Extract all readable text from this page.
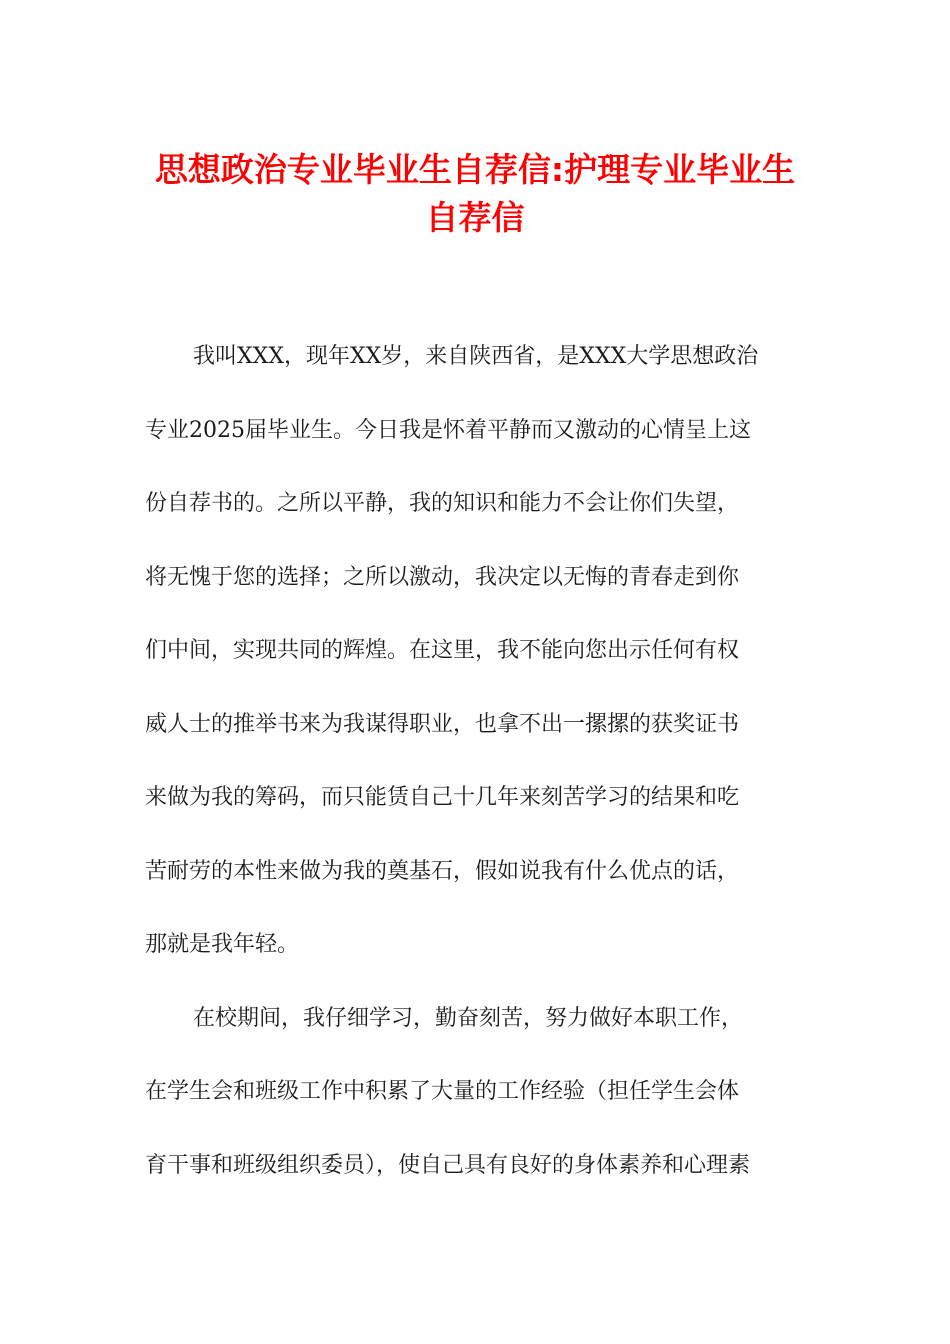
思想政治专业毕业生自荐信:护理专业毕业生
自荐信
我叫XXX，现年XX岁，来自陕西省，是XXX大学思想政治
专业2025届毕业生。今日我是怀着平静而又激动的心情呈上这
份自荐书的。之所以平静，我的知识和能力不会让你们失望，
将无愧于您的选择；之所以激动，我决定以无悔的青春走到你
们中间，实现共同的辉煌。在这里，我不能向您出示任何有权
威人士的推举书来为我谋得职业，也拿不出一摞摞的获奖证书
来做为我的筹码，而只能赁自己十几年来刻苦学习的结果和吃
苦耐劳的本性来做为我的奠基石，假如说我有什么优点的话，
那就是我年轻。
在校期间，我仔细学习，勤奋刻苦，努力做好本职工作，
在学生会和班级工作中积累了大量的工作经验（担任学生会体
育干事和班级组织委员），使自己具有良好的身体素养和心理素
